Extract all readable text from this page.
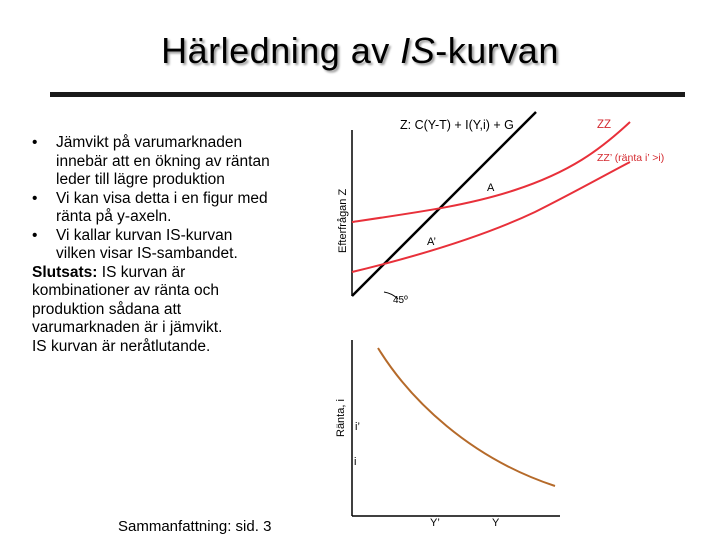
Härledning av IS-kurvan
• Jämvikt på varumarknaden
innebär att en ökning av räntan
leder till lägre produktion
• Vi kan visa detta i en figur med
ränta på y-axeln.
• Vi kallar kurvan IS-kurvan
vilken visar IS-sambandet.
Slutsats: IS kurvan är
kombinationer av ränta och
produktion sådana att
varumarknaden är i jämvikt.
IS kurvan är neråtlutande.
Sammanfattning: sid. 3
Z: C(Y-T) + I(Y,i) + G	ZZ
ZZ’ (ränta i’ >i)
A
A’
45º
Efterfrågan Z
Ränta, i i’
i
Y’	Y
